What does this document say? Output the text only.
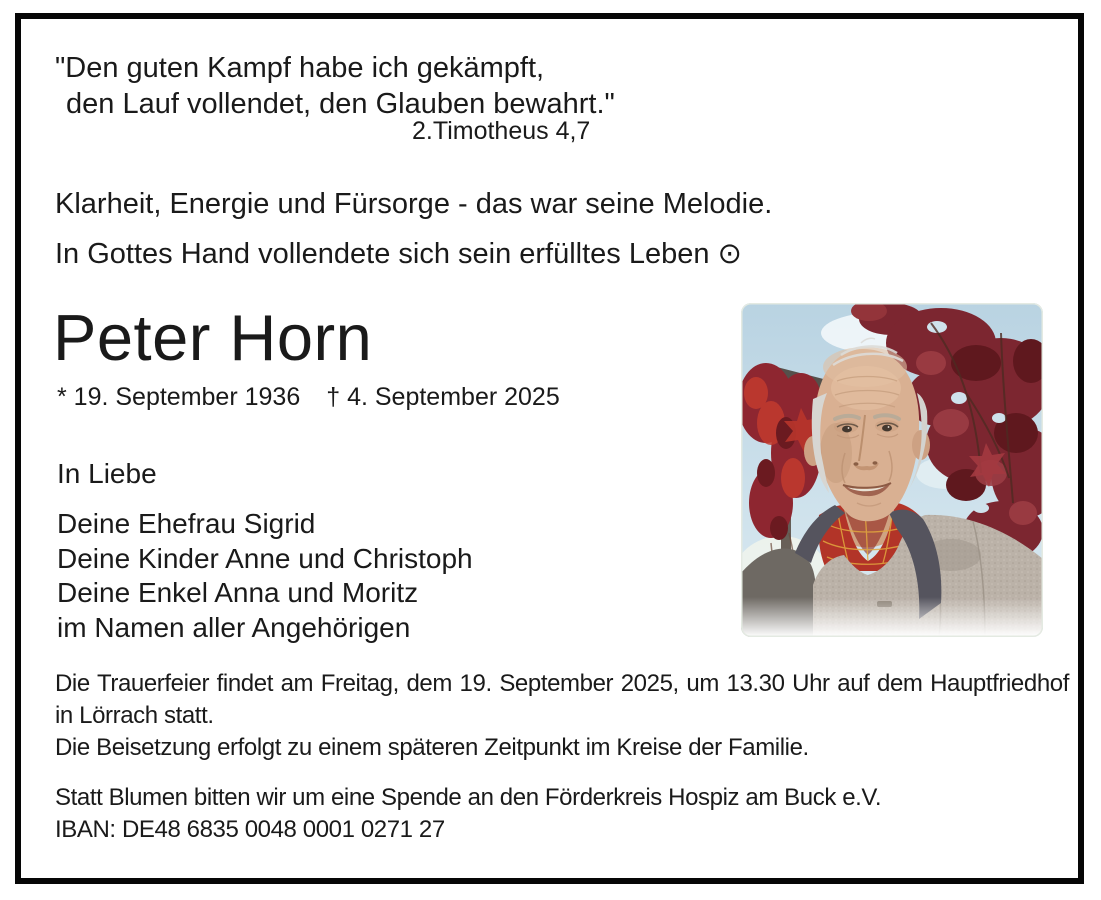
"Den guten Kampf habe ich gekämpft,
den Lauf vollendet, den Glauben bewahrt."
2.Timotheus 4,7
Klarheit, Energie und Fürsorge - das war seine Melodie.
In Gottes Hand vollendete sich sein erfülltes Leben ⊙
Peter Horn
* 19. September 1936 † 4. September 2025
In Liebe
Deine Ehefrau Sigrid
Deine Kinder Anne und Christoph
Deine Enkel Anna und Moritz
im Namen aller Angehörigen
Die Trauerfeier findet am Freitag, dem 19. September 2025, um 13.30 Uhr auf dem Hauptfriedhof in Lörrach statt.
Die Beisetzung erfolgt zu einem späteren Zeitpunkt im Kreise der Familie.
Statt Blumen bitten wir um eine Spende an den Förderkreis Hospiz am Buck e.V.
IBAN: DE48 6835 0048 0001 0271 27
